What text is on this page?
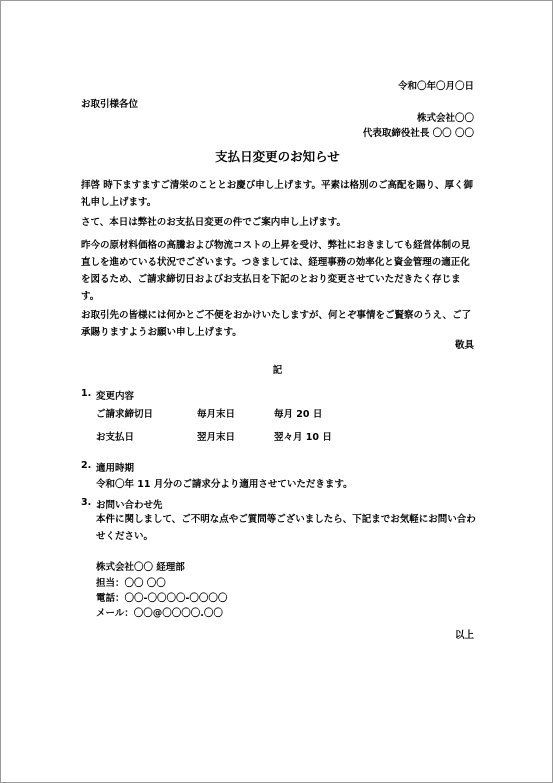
令和〇年〇月〇日
お取引様各位
株式会社〇〇
代表取締役社長 〇〇 〇〇
支払日変更のお知らせ
拝啓 時下ますますご清栄のこととお慶び申し上げます。平素は格別のご高配を賜り、厚く御礼申し上げます。
さて、本日は弊社のお支払日変更の件でご案内申し上げます。
昨今の原材料価格の高騰および物流コストの上昇を受け、弊社におきましても経営体制の見直しを進めている状況でございます。つきましては、経理事務の効率化と資金管理の適正化を図るため、ご請求締切日およびお支払日を下記のとおり変更させていただきたく存じます。
お取引先の皆様には何かとご不便をおかけいたしますが、何とぞ事情をご賢察のうえ、ご了承賜りますようお願い申し上げます。
敬具
記
1. 変更内容
ご請求締切日	毎月末日	毎月 20 日
お支払日	翌月末日	翌々月 10 日
2. 適用時期
令和〇年 11 月分のご請求分より適用させていただきます。
3. お問い合わせ先
本件に関しまして、ご不明な点やご質問等ございましたら、下記までお気軽にお問い合わせください。
株式会社〇〇 経理部
担当：〇〇 〇〇
電話：〇〇-〇〇〇〇-〇〇〇〇
メール：〇〇@〇〇〇〇.〇〇
以上
